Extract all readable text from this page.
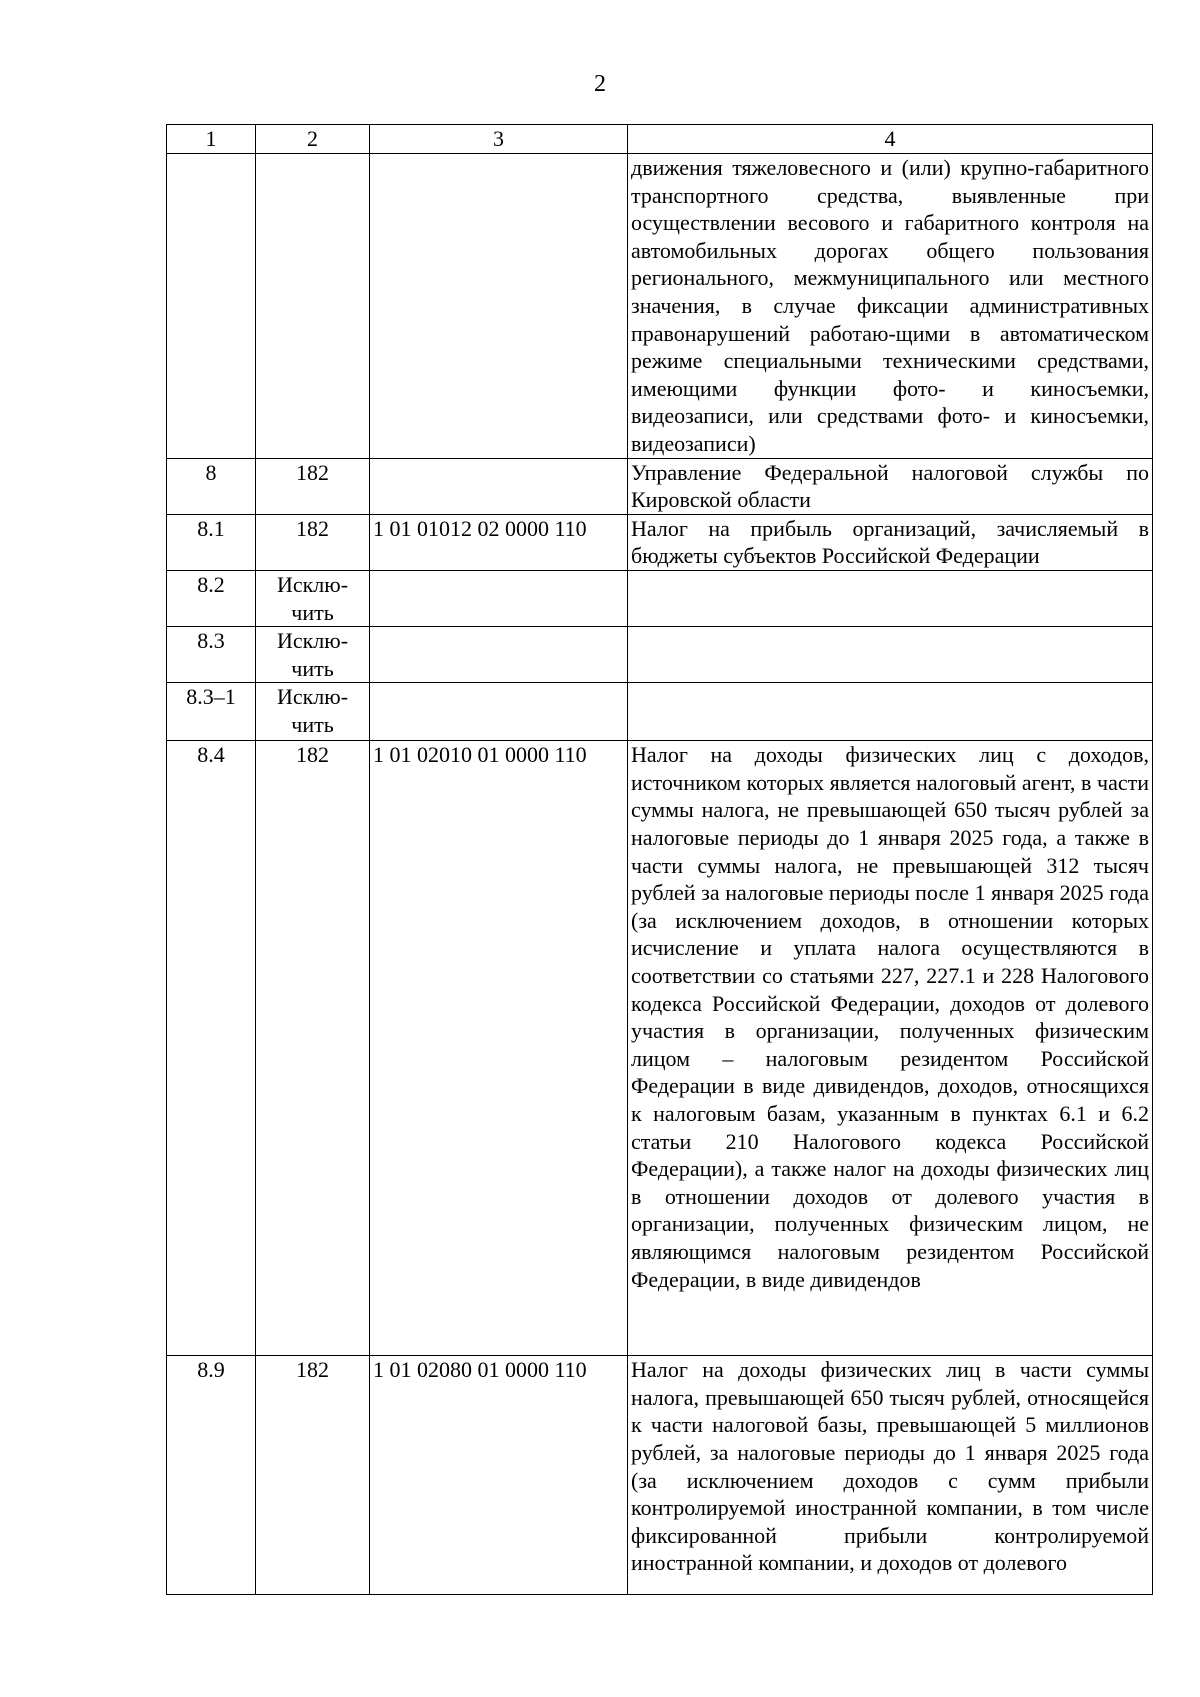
2
1	2	3	4
			движения тяжеловесного и (или) крупно-габаритного транспортного средства, выявленные при осуществлении весового и габаритного контроля на автомобильных дорогах общего пользования регионального, межмуниципального или местного значения, в случае фиксации административных правонарушений работаю-щими в автоматическом режиме специальными техническими средствами, имеющими функции фото- и киносъемки, видеозаписи, или средствами фото- и киносъемки, видеозаписи)
8	182		Управление Федеральной налоговой службы по Кировской области
8.1	182	1 01 01012 02 0000 110	Налог на прибыль организаций, зачисляемый в бюджеты субъектов Российской Федерации
8.2	Исклю-чить		
8.3	Исклю-чить		
8.3–1	Исклю-чить		
8.4	182	1 01 02010 01 0000 110	Налог на доходы физических лиц с доходов, источником которых является налоговый агент, в части суммы налога, не превышающей 650 тысяч рублей за налоговые периоды до 1 января 2025 года, а также в части суммы налога, не превышающей 312 тысяч рублей за налоговые периоды после 1 января 2025 года (за исключением доходов, в отношении которых исчисление и уплата налога осуществляются в соответствии со статьями 227, 227.1 и 228 Налогового кодекса Российской Федерации, доходов от долевого участия в организации, полученных физическим лицом – налоговым резидентом Российской Федерации в виде дивидендов, доходов, относящихся к налоговым базам, указанным в пунктах 6.1 и 6.2 статьи 210 Налогового кодекса Российской Федерации), а также налог на доходы физических лиц в отношении доходов от долевого участия в организации, полученных физическим лицом, не являющимся налоговым резидентом Российской Федерации, в виде дивидендов
8.9	182	1 01 02080 01 0000 110	Налог на доходы физических лиц в части суммы налога, превышающей 650 тысяч рублей, относящейся к части налоговой базы, превышающей 5 миллионов рублей, за налоговые периоды до 1 января 2025 года (за исключением доходов с сумм прибыли контролируемой иностранной компании, в том числе фиксированной прибыли контролируемой иностранной компании, и доходов от долевого
